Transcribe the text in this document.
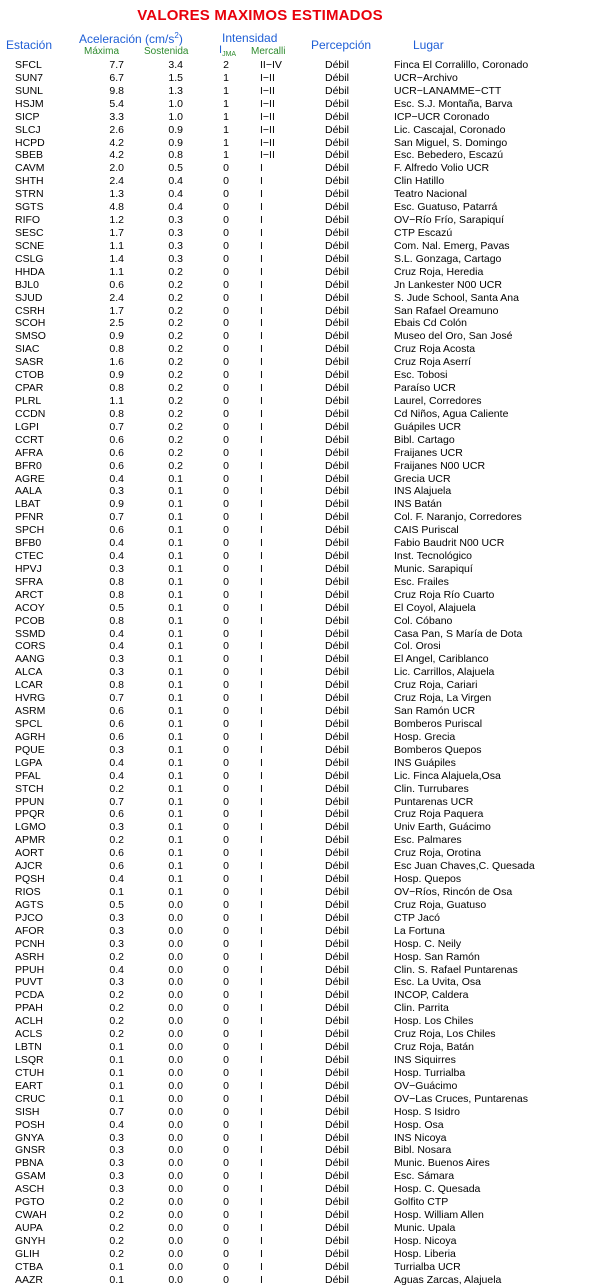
VALORES MAXIMOS ESTIMADOS
Estación Aceleración $(cm/s^2)$
Máxima Sostenida
Intensidad
$I_{JMA}$ Mercalli Percepción	Lugar
SFCL	7.7	3.4	2	II−IV	Débil	Finca El Corralillo, Coronado
SUN7	6.7	1.5	1	I−II	Débil	UCR−Archivo
SUNL	9.8	1.3	1	I−II	Débil	UCR−LANAMME−CTT
HSJM	5.4	1.0	1	I−II	Débil	Esc. S.J. Montaña, Barva
SICP	3.3	1.0	1	I−II	Débil	ICP−UCR Coronado
SLCJ	2.6	0.9	1	I−II	Débil	Lic. Cascajal, Coronado
HCPD	4.2	0.9	1	I−II	Débil	San Miguel, S. Domingo
SBEB	4.2	0.8	1	I−II	Débil	Esc. Bebedero, Escazú
CAVM	2.0	0.5	0	I	Débil	F. Alfredo Volio UCR
SHTH	2.4	0.4	0	I	Débil	Clin Hatillo
STRN	1.3	0.4	0	I	Débil	Teatro Nacional
SGTS	4.8	0.4	0	I	Débil	Esc. Guatuso, Patarrá
RIFO	1.2	0.3	0	I	Débil	OV−Río Frío, Sarapiquí
SESC	1.7	0.3	0	I	Débil	CTP Escazú
SCNE	1.1	0.3	0	I	Débil	Com. Nal. Emerg, Pavas
CSLG	1.4	0.3	0	I	Débil	S.L. Gonzaga, Cartago
HHDA	1.1	0.2	0	I	Débil	Cruz Roja, Heredia
BJL0	0.6	0.2	0	I	Débil	Jn Lankester N00 UCR
SJUD	2.4	0.2	0	I	Débil	S. Jude School, Santa Ana
CSRH	1.7	0.2	0	I	Débil	San Rafael Oreamuno
SCOH	2.5	0.2	0	I	Débil	Ebais Cd Colón
SMSO	0.9	0.2	0	I	Débil	Museo del Oro, San José
SIAC	0.8	0.2	0	I	Débil	Cruz Roja Acosta
SASR	1.6	0.2	0	I	Débil	Cruz Roja Aserrí
CTOB	0.9	0.2	0	I	Débil	Esc. Tobosi
CPAR	0.8	0.2	0	I	Débil	Paraíso UCR
PLRL	1.1	0.2	0	I	Débil	Laurel, Corredores
CCDN	0.8	0.2	0	I	Débil	Cd Niños, Agua Caliente
LGPI	0.7	0.2	0	I	Débil	Guápiles UCR
CCRT	0.6	0.2	0	I	Débil	Bibl. Cartago
AFRA	0.6	0.2	0	I	Débil	Fraijanes UCR
BFR0	0.6	0.2	0	I	Débil	Fraijanes N00 UCR
AGRE	0.4	0.1	0	I	Débil	Grecia UCR
AALA	0.3	0.1	0	I	Débil	INS Alajuela
LBAT	0.9	0.1	0	I	Débil	INS Batán
PFNR	0.7	0.1	0	I	Débil	Col. F. Naranjo, Corredores
SPCH	0.6	0.1	0	I	Débil	CAIS Puriscal
BFB0	0.4	0.1	0	I	Débil	Fabio Baudrit N00 UCR
CTEC	0.4	0.1	0	I	Débil	Inst. Tecnológico
HPVJ	0.3	0.1	0	I	Débil	Munic. Sarapiquí
SFRA	0.8	0.1	0	I	Débil	Esc. Frailes
ARCT	0.8	0.1	0	I	Débil	Cruz Roja Río Cuarto
ACOY	0.5	0.1	0	I	Débil	El Coyol, Alajuela
PCOB	0.8	0.1	0	I	Débil	Col. Cóbano
SSMD	0.4	0.1	0	I	Débil	Casa Pan, S María de Dota
CORS	0.4	0.1	0	I	Débil	Col. Orosi
AANG	0.3	0.1	0	I	Débil	El Angel, Cariblanco
ALCA	0.3	0.1	0	I	Débil	Lic. Carrillos, Alajuela
LCAR	0.8	0.1	0	I	Débil	Cruz Roja, Cariari
HVRG	0.7	0.1	0	I	Débil	Cruz Roja, La Virgen
ASRM	0.6	0.1	0	I	Débil	San Ramón UCR
SPCL	0.6	0.1	0	I	Débil	Bomberos Puriscal
AGRH	0.6	0.1	0	I	Débil	Hosp. Grecia
PQUE	0.3	0.1	0	I	Débil	Bomberos Quepos
LGPA	0.4	0.1	0	I	Débil	INS Guápiles
PFAL	0.4	0.1	0	I	Débil	Lic. Finca Alajuela,Osa
STCH	0.2	0.1	0	I	Débil	Clin. Turrubares
PPUN	0.7	0.1	0	I	Débil	Puntarenas UCR
PPQR	0.6	0.1	0	I	Débil	Cruz Roja Paquera
LGMO	0.3	0.1	0	I	Débil	Univ Earth, Guácimo
APMR	0.2	0.1	0	I	Débil	Esc. Palmares
AORT	0.6	0.1	0	I	Débil	Cruz Roja, Orotina
AJCR	0.6	0.1	0	I	Débil	Esc Juan Chaves,C. Quesada
PQSH	0.4	0.1	0	I	Débil	Hosp. Quepos
RIOS	0.1	0.1	0	I	Débil	OV−Ríos, Rincón de Osa
AGTS	0.5	0.0	0	I	Débil	Cruz Roja, Guatuso
PJCO	0.3	0.0	0	I	Débil	CTP Jacó
AFOR	0.3	0.0	0	I	Débil	La Fortuna
PCNH	0.3	0.0	0	I	Débil	Hosp. C. Neily
ASRH	0.2	0.0	0	I	Débil	Hosp. San Ramón
PPUH	0.4	0.0	0	I	Débil	Clin. S. Rafael Puntarenas
PUVT	0.3	0.0	0	I	Débil	Esc. La Uvita, Osa
PCDA	0.2	0.0	0	I	Débil	INCOP, Caldera
PPAH	0.2	0.0	0	I	Débil	Clin. Parrita
ACLH	0.2	0.0	0	I	Débil	Hosp. Los Chiles
ACLS	0.2	0.0	0	I	Débil	Cruz Roja, Los Chiles
LBTN	0.1	0.0	0	I	Débil	Cruz Roja, Batán
LSQR	0.1	0.0	0	I	Débil	INS Siquirres
CTUH	0.1	0.0	0	I	Débil	Hosp. Turrialba
EART	0.1	0.0	0	I	Débil	OV−Guácimo
CRUC	0.1	0.0	0	I	Débil	OV−Las Cruces, Puntarenas
SISH	0.7	0.0	0	I	Débil	Hosp. S Isidro
POSH	0.4	0.0	0	I	Débil	Hosp. Osa
GNYA	0.3	0.0	0	I	Débil	INS Nicoya
GNSR	0.3	0.0	0	I	Débil	Bibl. Nosara
PBNA	0.3	0.0	0	I	Débil	Munic. Buenos Aires
GSAM	0.3	0.0	0	I	Débil	Esc. Sámara
ASCH	0.3	0.0	0	I	Débil	Hosp. C. Quesada
PGTO	0.2	0.0	0	I	Débil	Golfito CTP
CWAH	0.2	0.0	0	I	Débil	Hosp. William Allen
AUPA	0.2	0.0	0	I	Débil	Munic. Upala
GNYH	0.2	0.0	0	I	Débil	Hosp. Nicoya
GLIH	0.2	0.0	0	I	Débil	Hosp. Liberia
CTBA	0.1	0.0	0	I	Débil	Turrialba UCR
AAZR	0.1	0.0	0	I	Débil	Aguas Zarcas, Alajuela
